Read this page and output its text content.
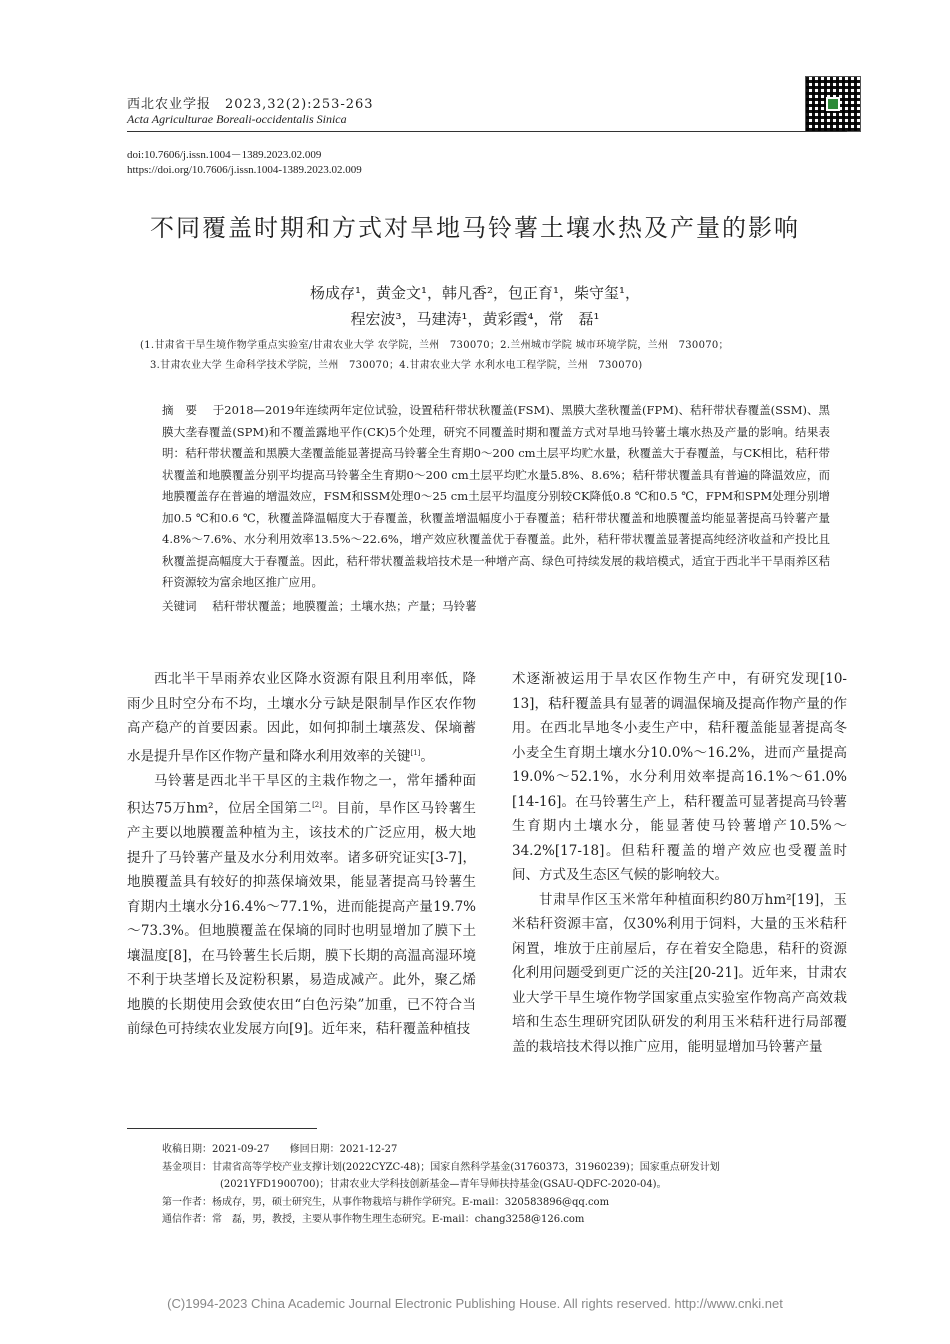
西北农业学报　2023,32(2):253-263
Acta Agriculturae Boreali-occidentalis Sinica
doi:10.7606/j.issn.1004－1389.2023.02.009
https://doi.org/10.7606/j.issn.1004-1389.2023.02.009
不同覆盖时期和方式对旱地马铃薯土壤水热及产量的影响
杨成存¹，黄金文¹，韩凡香²，包正育¹，柴守玺¹，
程宏波³，马建涛¹，黄彩霞⁴，常　磊¹
(1.甘肃省干旱生境作物学重点实验室/甘肃农业大学 农学院，兰州　730070；2.兰州城市学院 城市环境学院，兰州　730070；
3.甘肃农业大学 生命科学技术学院，兰州　730070；4.甘肃农业大学 水利水电工程学院，兰州　730070)
摘要 于2018—2019年连续两年定位试验，设置秸秆带状秋覆盖(FSM)、黑膜大垄秋覆盖(FPM)、秸秆带状春覆盖(SSM)、黑膜大垄春覆盖(SPM)和不覆盖露地平作(CK)5个处理，研究不同覆盖时期和覆盖方式对旱地马铃薯土壤水热及产量的影响。结果表明：秸秆带状覆盖和黑膜大垄覆盖能显著提高马铃薯全生育期0～200 cm土层平均贮水量，秋覆盖大于春覆盖，与CK相比，秸秆带状覆盖和地膜覆盖分别平均提高马铃薯全生育期0～200 cm土层平均贮水量5.8%、8.6%；秸秆带状覆盖具有普遍的降温效应，而地膜覆盖存在普遍的增温效应，FSM和SSM处理0～25 cm土层平均温度分别较CK降低0.8 ℃和0.5 ℃，FPM和SPM处理分别增加0.5 ℃和0.6 ℃，秋覆盖降温幅度大于春覆盖，秋覆盖增温幅度小于春覆盖；秸秆带状覆盖和地膜覆盖均能显著提高马铃薯产量4.8%～7.6%、水分利用效率13.5%～22.6%，增产效应秋覆盖优于春覆盖。此外，秸秆带状覆盖显著提高纯经济收益和产投比且秋覆盖提高幅度大于春覆盖。因此，秸秆带状覆盖栽培技术是一种增产高、绿色可持续发展的栽培模式，适宜于西北半干旱雨养区秸秆资源较为富余地区推广应用。
关键词 秸秆带状覆盖；地膜覆盖；土壤水热；产量；马铃薯

西北半干旱雨养农业区降水资源有限且利用率低，降雨少且时空分布不均，土壤水分亏缺是限制旱作区农作物高产稳产的首要因素。因此，如何抑制土壤蒸发、保墒蓄水是提升旱作区作物产量和降水利用效率的关键[1]。

马铃薯是西北半干旱区的主栽作物之一，常年播种面积达75万hm²，位居全国第二[2]。目前，旱作区马铃薯生产主要以地膜覆盖种植为主，该技术的广泛应用，极大地提升了马铃薯产量及水分利用效率。诸多研究证实[3-7]，地膜覆盖具有较好的抑蒸保墒效果，能显著提高马铃薯生育期内土壤水分16.4%～77.1%，进而能提高产量19.7%～73.3%。但地膜覆盖在保墒的同时也明显增加了膜下土壤温度[8]，在马铃薯生长后期，膜下长期的高温高湿环境不利于块茎增长及淀粉积累，易造成减产。此外，聚乙烯地膜的长期使用会致使农田“白色污染”加重，已不符合当前绿色可持续农业发展方向[9]。近年来，秸秆覆盖种植技

术逐渐被运用于旱农区作物生产中，有研究发现[10-13]，秸秆覆盖具有显著的调温保墒及提高作物产量的作用。在西北旱地冬小麦生产中，秸秆覆盖能显著提高冬小麦全生育期土壤水分10.0%～16.2%，进而产量提高19.0%～52.1%，水分利用效率提高16.1%～61.0%[14-16]。在马铃薯生产上，秸秆覆盖可显著提高马铃薯生育期内土壤水分，能显著使马铃薯增产10.5%～34.2%[17-18]。但秸秆覆盖的增产效应也受覆盖时间、方式及生态区气候的影响较大。

甘肃旱作区玉米常年种植面积约80万hm²[19]，玉米秸秆资源丰富，仅30%利用于饲料，大量的玉米秸秆闲置，堆放于庄前屋后，存在着安全隐患，秸秆的资源化利用问题受到更广泛的关注[20-21]。近年来，甘肃农业大学干旱生境作物学国家重点实验室作物高产高效栽培和生态生理研究团队研发的利用玉米秸秆进行局部覆盖的栽培技术得以推广应用，能明显增加马铃薯产量

收稿日期：2021-09-27　　修回日期：2021-12-27
基金项目：甘肃省高等学校产业支撑计划(2022CYZC-48)；国家自然科学基金(31760373，31960239)；国家重点研发计划
(2021YFD1900700)；甘肃农业大学科技创新基金—青年导师扶持基金(GSAU-QDFC-2020-04)。
第一作者：杨成存，男，硕士研究生，从事作物栽培与耕作学研究。E-mail：320583896@qq.com
通信作者：常　磊，男，教授，主要从事作物生理生态研究。E-mail：chang3258@126.com
(C)1994-2023 China Academic Journal Electronic Publishing House. All rights reserved. http://www.cnki.net
